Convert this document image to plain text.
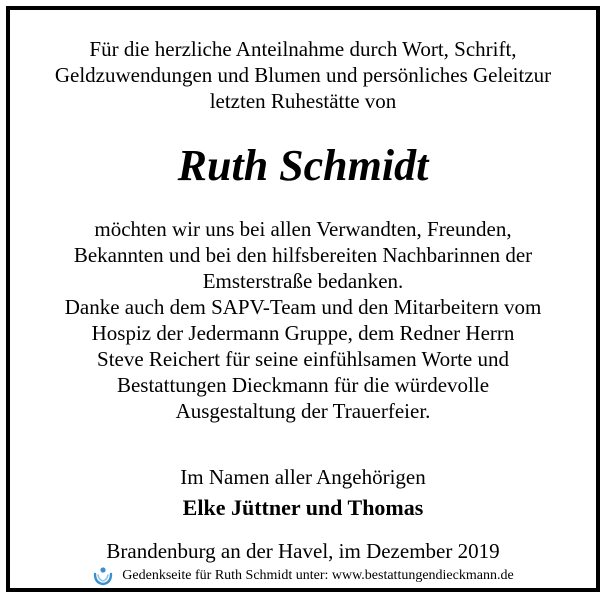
Für die herzliche Anteilnahme durch Wort, Schrift,
Geldzuwendungen und Blumen und persönliches Geleitzur
letzten Ruhestätte von
Ruth Schmidt
möchten wir uns bei allen Verwandten, Freunden,
Bekannten und bei den hilfsbereiten Nachbarinnen der
Emsterstraße bedanken.
Danke auch dem SAPV-Team und den Mitarbeitern vom
Hospiz der Jedermann Gruppe, dem Redner Herrn
Steve Reichert für seine einfühlsamen Worte und
Bestattungen Dieckmann für die würdevolle
Ausgestaltung der Trauerfeier.
Im Namen aller Angehörigen
Elke Jüttner und Thomas
Brandenburg an der Havel, im Dezember 2019
Gedenkseite für Ruth Schmidt unter: www.bestattungendieckmann.de
